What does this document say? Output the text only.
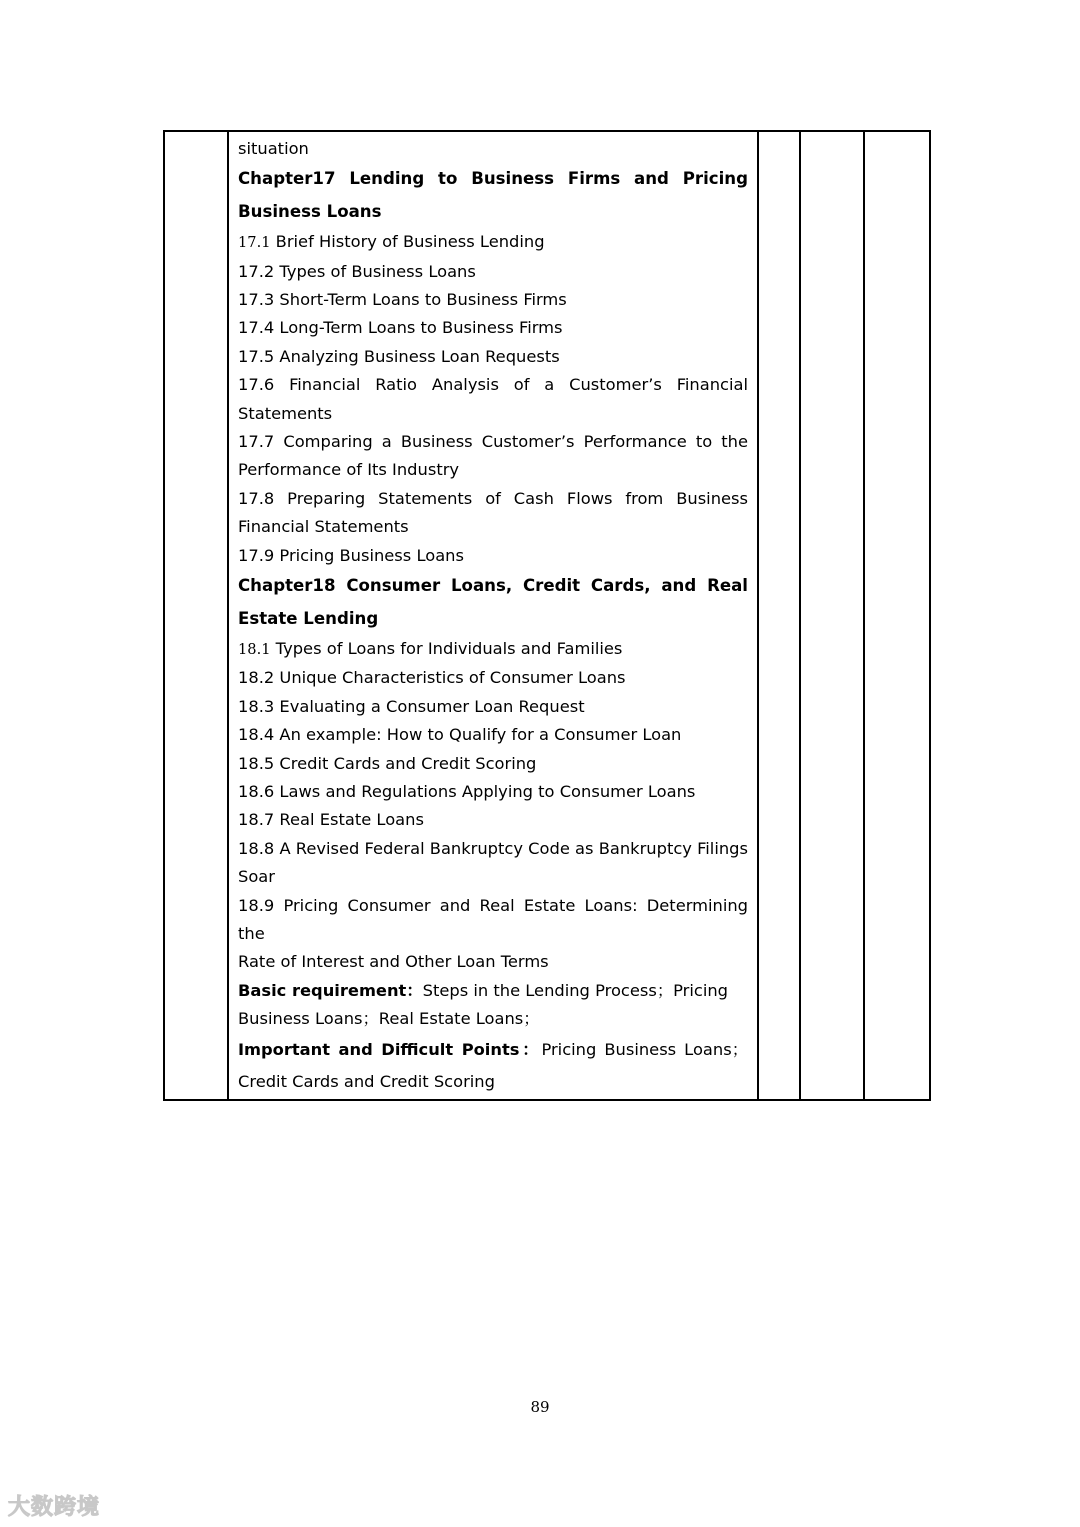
situation
Chapter17 Lending to Business Firms and Pricing
Business Loans
17.1 Brief History of Business Lending
17.2 Types of Business Loans
17.3 Short-Term Loans to Business Firms
17.4 Long-Term Loans to Business Firms
17.5 Analyzing Business Loan Requests
17.6 Financial Ratio Analysis of a Customer’s Financial
Statements
17.7 Comparing a Business Customer’s Performance to the
Performance of Its Industry
17.8 Preparing Statements of Cash Flows from Business
Financial Statements
17.9 Pricing Business Loans
Chapter18 Consumer Loans, Credit Cards, and Real
Estate Lending
18.1 Types of Loans for Individuals and Families
18.2 Unique Characteristics of Consumer Loans
18.3 Evaluating a Consumer Loan Request
18.4 An example: How to Qualify for a Consumer Loan
18.5 Credit Cards and Credit Scoring
18.6 Laws and Regulations Applying to Consumer Loans
18.7 Real Estate Loans
18.8 A Revised Federal Bankruptcy Code as Bankruptcy Filings
Soar
18.9 Pricing Consumer and Real Estate Loans: Determining the
Rate of Interest and Other Loan Terms
Basic requirement：Steps in the Lending Process；Pricing
Business Loans；Real Estate Loans；
Important and Difficult Points：Pricing Business Loans；
Credit Cards and Credit Scoring

89
大数跨境
